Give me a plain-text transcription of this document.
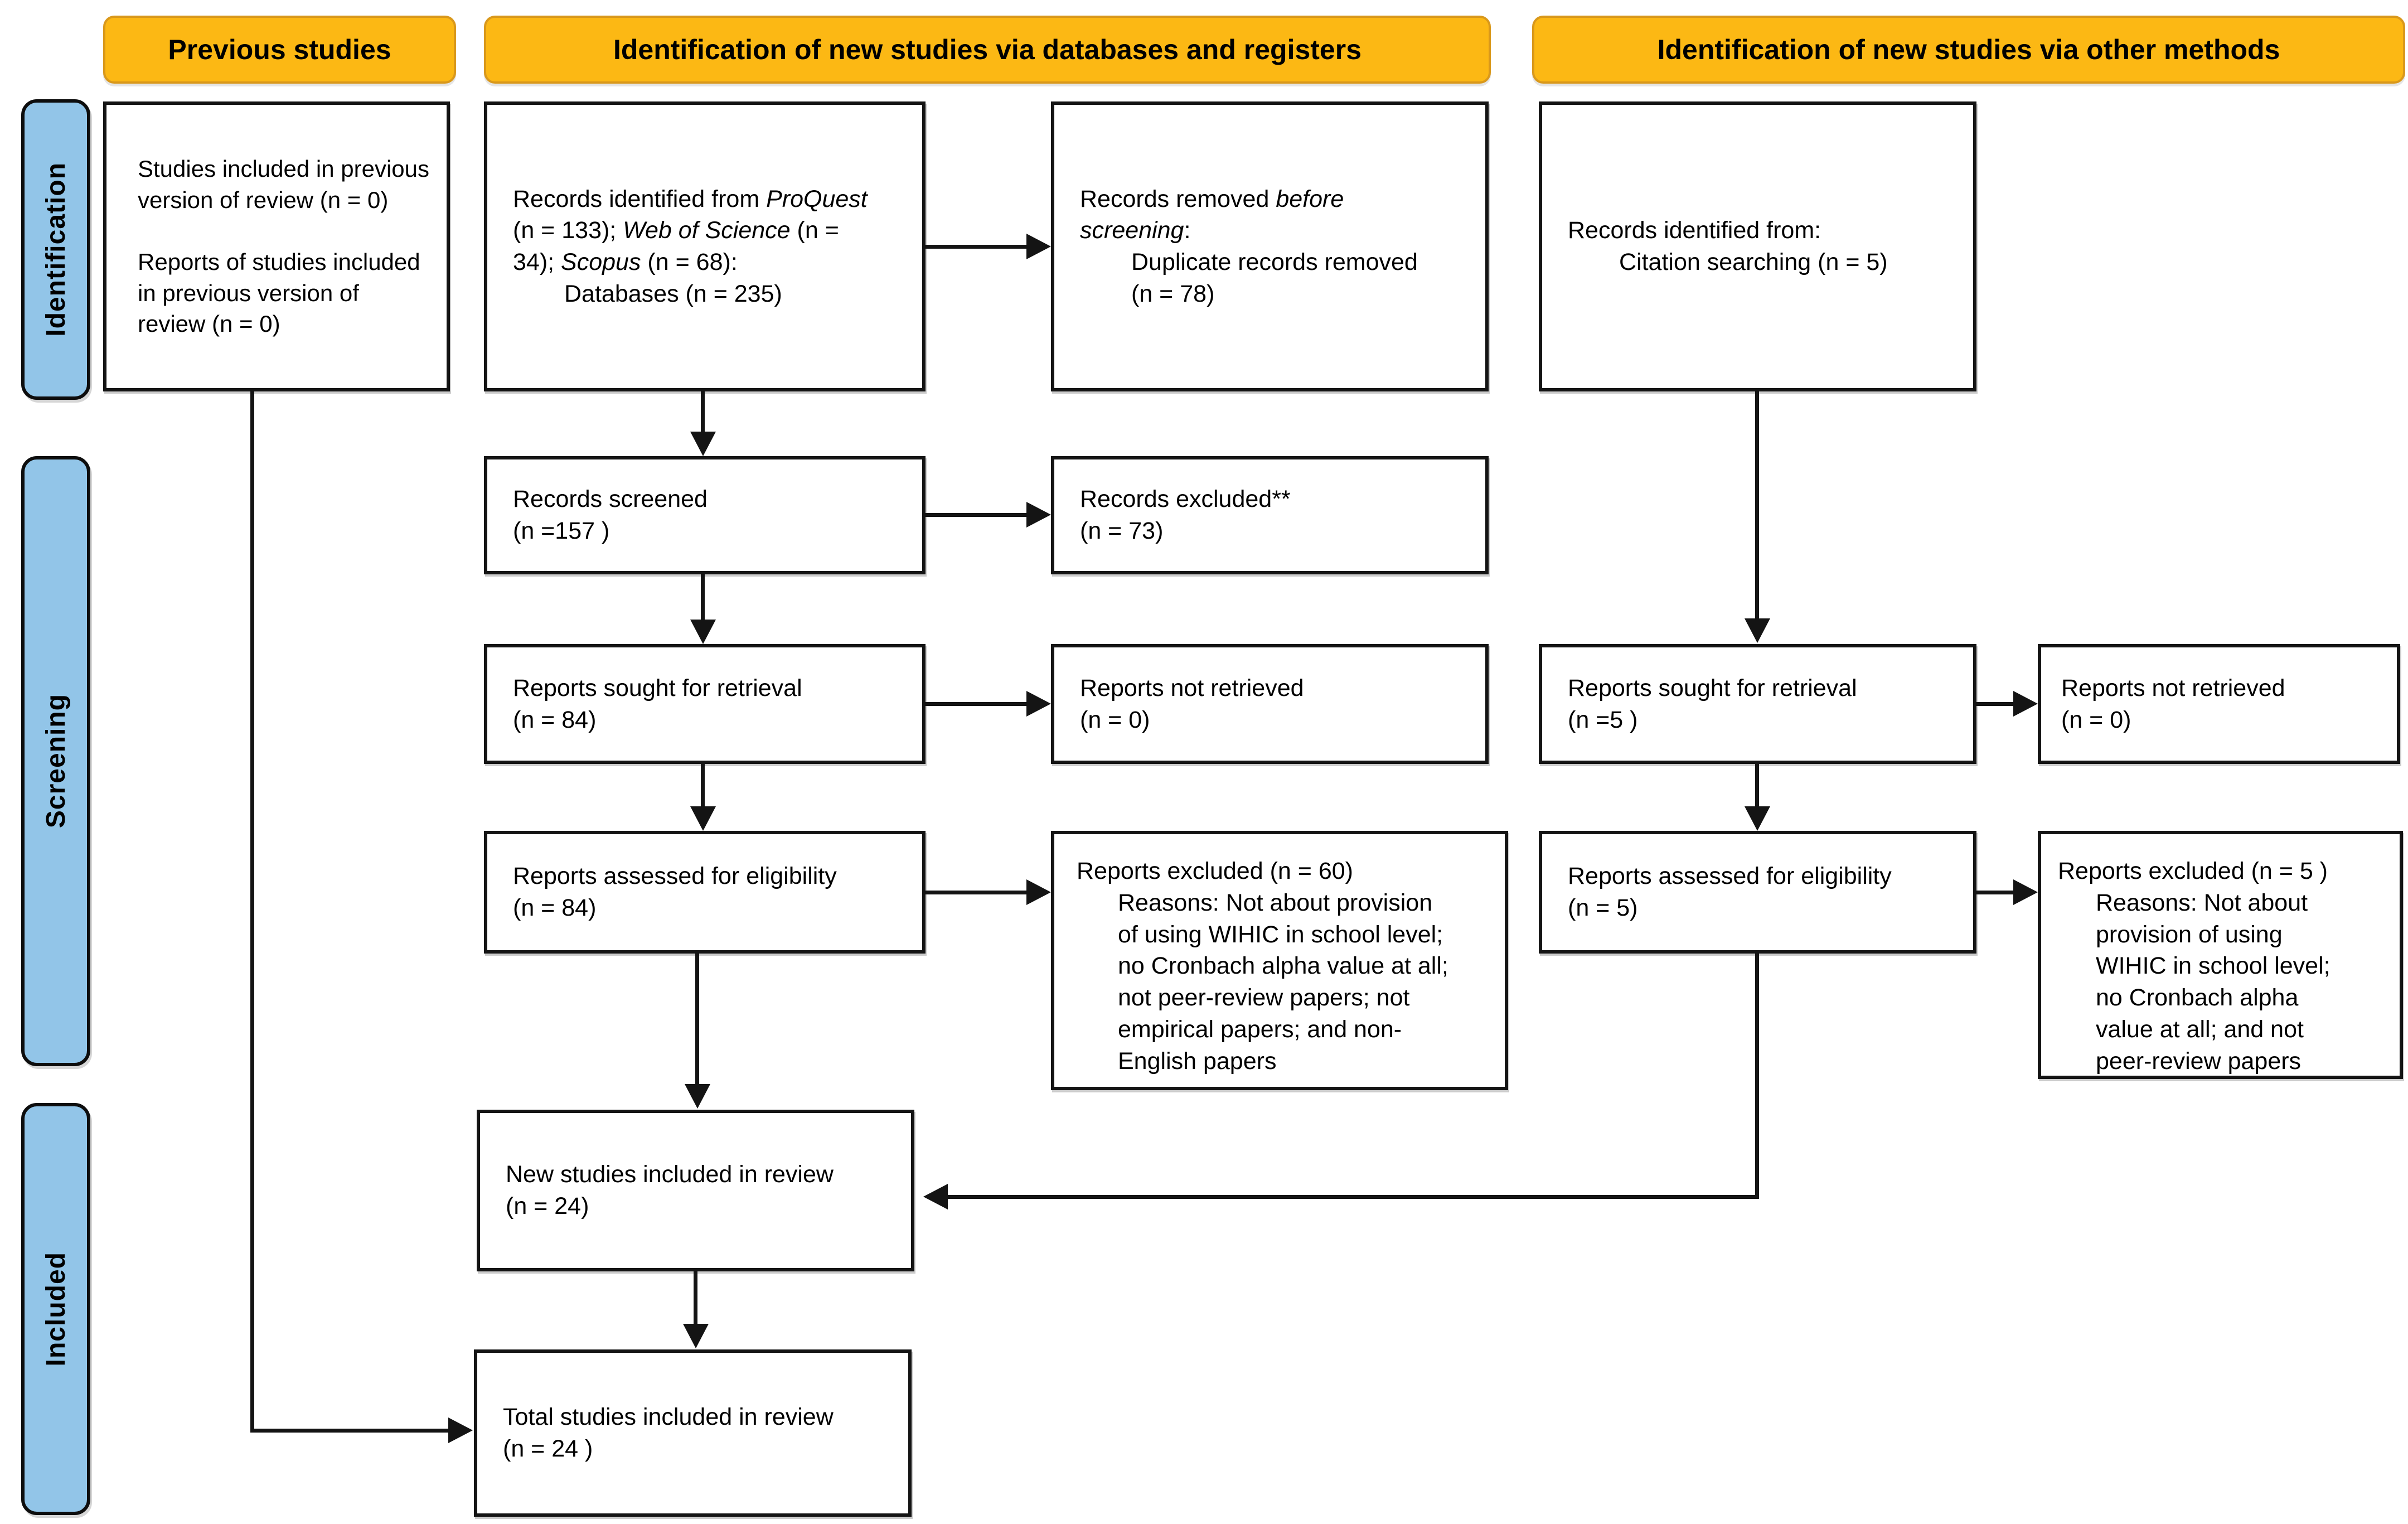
Identification
Screening
Included
Previous studies	Identification of new studies via databases and registers	Identification of new studies via other methods
Studies included in previous version of review (n = 0)
Reports of studies included in previous version of review (n = 0)
Records identified from ProQuest
(n = 133); Web of Science (n =
34); Scopus (n = 68):
Databases (n = 235)
Records removed before
screening:
Duplicate records removed
(n = 78)
Records screened
(n =157 )
Records excluded**
(n = 73)
Reports sought for retrieval
(n = 84)
Reports not retrieved
(n = 0)
Reports assessed for eligibility
(n = 84)
Reports excluded (n = 60)
Reasons: Not about provision of using WIHIC in school level; no Cronbach alpha value at all; not peer-review papers; not empirical papers; and non-English papers
New studies included in review
(n = 24)
Total studies included in review
(n = 24 )
Records identified from:
Citation searching (n = 5)
Reports sought for retrieval
(n =5 )
Reports not retrieved
(n = 0)
Reports assessed for eligibility
(n = 5)
Reports excluded (n = 5 )
Reasons: Not about provision of using WIHIC in school level; no Cronbach alpha value at all; and not peer-review papers
